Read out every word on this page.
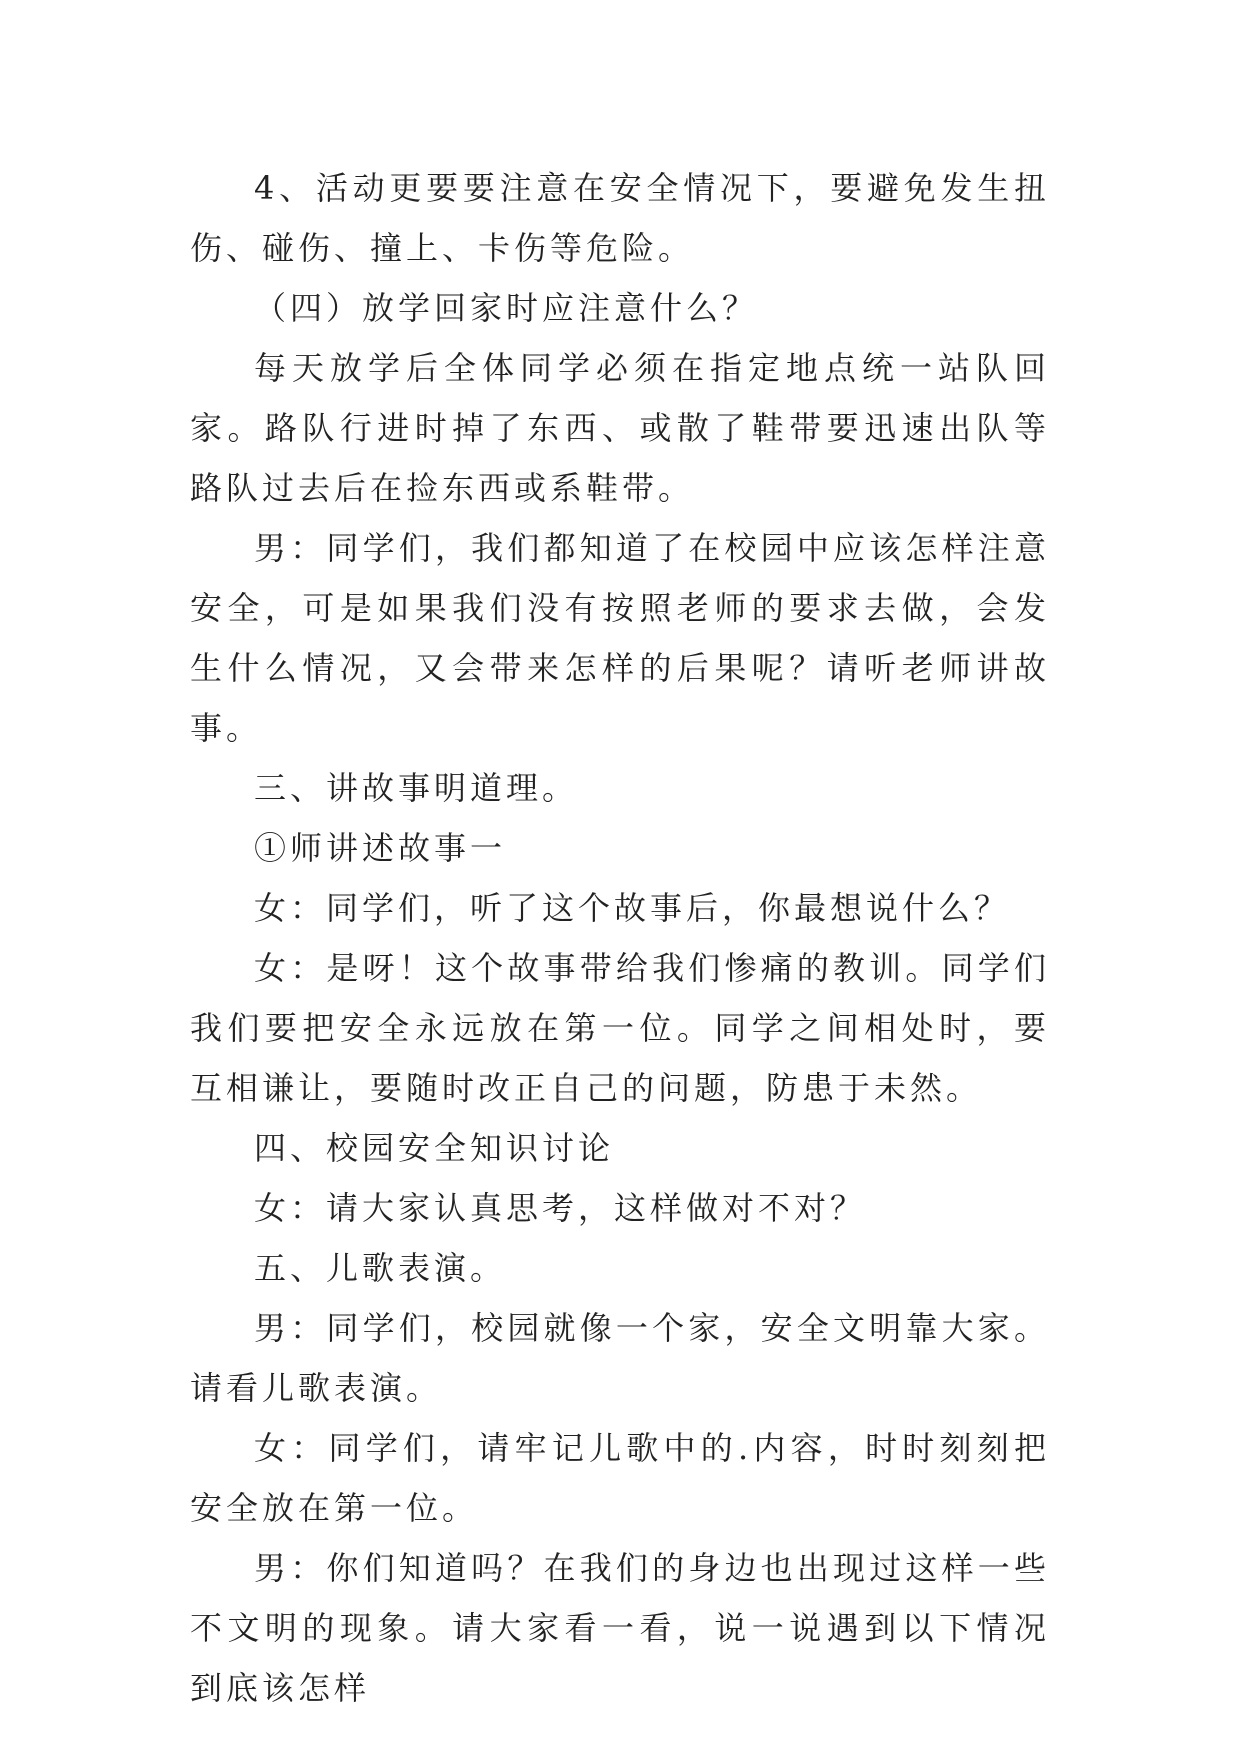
4、活动更要要注意在安全情况下，要避免发生扭伤、碰伤、撞上、卡伤等危险。

（四）放学回家时应注意什么？

每天放学后全体同学必须在指定地点统一站队回家。路队行进时掉了东西、或散了鞋带要迅速出队等路队过去后在捡东西或系鞋带。

男：同学们，我们都知道了在校园中应该怎样注意安全，可是如果我们没有按照老师的要求去做，会发生什么情况，又会带来怎样的后果呢？请听老师讲故事。

三、讲故事明道理。

①师讲述故事一

女：同学们，听了这个故事后，你最想说什么？

女：是呀！这个故事带给我们惨痛的教训。同学们我们要把安全永远放在第一位。同学之间相处时，要互相谦让，要随时改正自己的问题，防患于未然。

四、校园安全知识讨论

女：请大家认真思考，这样做对不对？

五、儿歌表演。

男：同学们，校园就像一个家，安全文明靠大家。请看儿歌表演。

女：同学们，请牢记儿歌中的.内容，时时刻刻把安全放在第一位。

男：你们知道吗？在我们的身边也出现过这样一些不文明的现象。请大家看一看，说一说遇到以下情况到底该怎样
